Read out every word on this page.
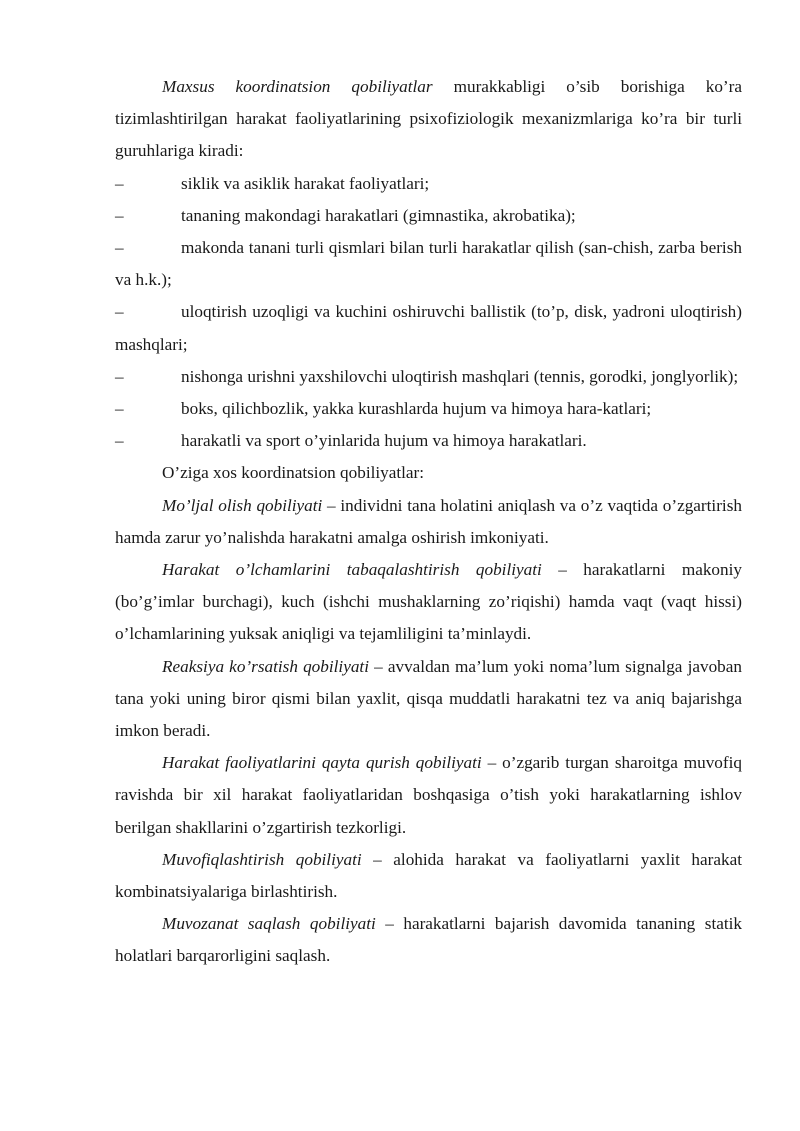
Maxsus koordinatsion qobiliyatlar murakkabligi o’sib borishiga ko’ra tizimlashtirilgan harakat faoliyatlarining psixofiziologik mexanizmlariga ko’ra bir turli guruhlariga kiradi:

–	siklik va asiklik harakat faoliyatlari;

–	tananing makondagi harakatlari (gimnastika, akrobatika);

–	makonda tanani turli qismlari bilan turli harakatlar qilish (san-chish, zarba berish va h.k.);

–	uloqtirish uzoqligi va kuchini oshiruvchi ballistik (to’p, disk, yadroni uloqtirish) mashqlari;

–	nishonga urishni yaxshilovchi uloqtirish mashqlari (tennis, gorodki, jonglyorlik);

–	boks, qilichbozlik, yakka kurashlarda hujum va himoya hara-katlari;

–	harakatli va sport o’yinlarida hujum va himoya harakatlari.

O’ziga xos koordinatsion qobiliyatlar:

Mo’ljal olish qobiliyati – individni tana holatini aniqlash va o’z vaqtida o’zgartirish hamda zarur yo’nalishda harakatni amalga oshirish imkoniyati.

Harakat o’lchamlarini tabaqalashtirish qobiliyati – harakatlarni makoniy (bo’g’imlar burchagi), kuch (ishchi mushaklarning zo’riqishi) hamda vaqt (vaqt hissi) o’lchamlarining yuksak aniqligi va tejamliligini ta’minlaydi.

Reaksiya ko’rsatish qobiliyati – avvaldan ma’lum yoki noma’lum signalga javoban tana yoki uning biror qismi bilan yaxlit, qisqa muddatli harakatni tez va aniq bajarishga imkon beradi.

Harakat faoliyatlarini qayta qurish qobiliyati – o’zgarib turgan sharoitga muvofiq ravishda bir xil harakat faoliyatlaridan boshqasiga o’tish yoki harakatlarning ishlov berilgan shakllarini o’zgartirish tezkorligi.

Muvofiqlashtirish qobiliyati – alohida harakat va faoliyatlarni yaxlit harakat kombinatsiyalariga birlashtirish.

Muvozanat saqlash qobiliyati – harakatlarni bajarish davomida tananing statik holatlari barqarorligini saqlash.
